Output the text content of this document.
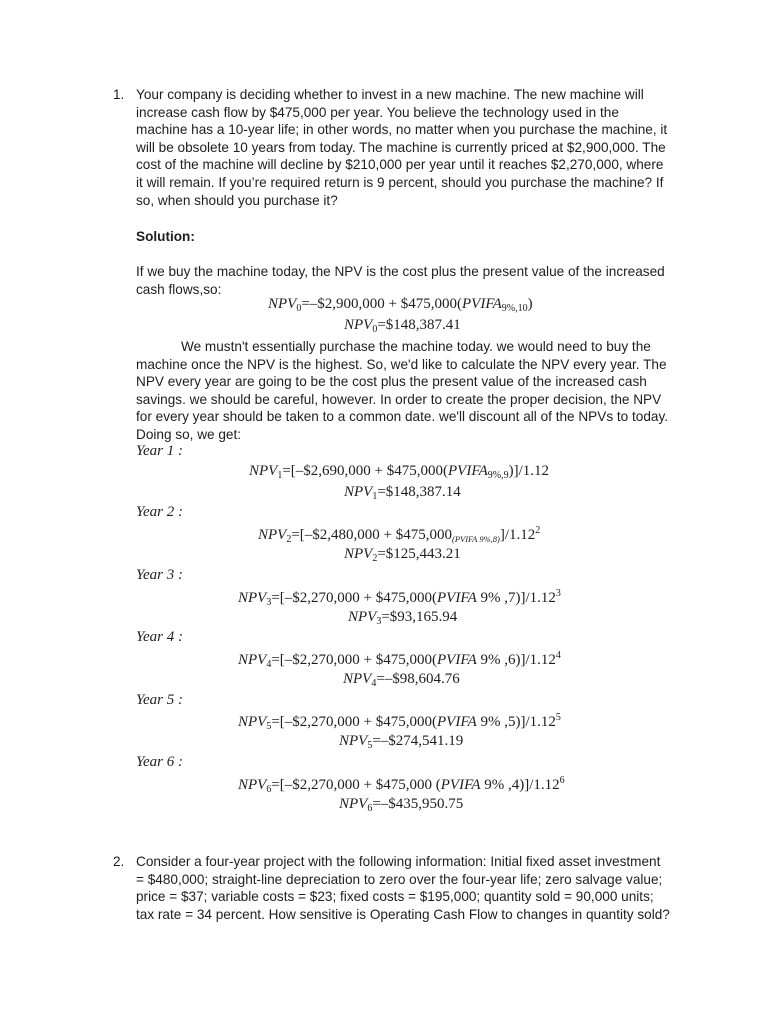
1. Your company is deciding whether to invest in a new machine. The new machine will
increase cash flow by $475,000 per year. You believe the technology used in the
machine has a 10-year life; in other words, no matter when you purchase the machine, it
will be obsolete 10 years from today. The machine is currently priced at $2,900,000. The
cost of the machine will decline by $210,000 per year until it reaches $2,270,000, where
it will remain. If you’re required return is 9 percent, should you purchase the machine? If
so, when should you purchase it?
Solution:
If we buy the machine today, the NPV is the cost plus the present value of the increased
cash flows,so:
$NPV_0=-\$2,900,000$ + $\$475,000(PVIFA_{9\%,10})$
$NPV_0=\$148,387.41$
We mustn't essentially purchase the machine today. we would need to buy the
machine once the NPV is the highest. So, we'd like to calculate the NPV every year. The
NPV every year are going to be the cost plus the present value of the increased cash
savings. we should be careful, however. In order to create the proper decision, the NPV
for every year should be taken to a common date. we'll discount all of the NPVs to today.
Doing so, we get:
Year 1 :
$NPV_1=[-\$2,690,000$ + $\$475,000(PVIFA_{9\%,9})]/1.12$
$NPV_1=\$148,387.14$
Year 2 :
$NPV_2=[-\$2,480,000$ + $\$475,000_{(PVIFA 9\%,8)}]/1.12^2$
$NPV_2=\$125,443.21$
Year 3 :
$NPV_3=[-\$2,270,000$ + $475,000(PVIFA 9% ,7)]/1.12$^3$
$NPV_3=\$93,165.94$
Year 4 :
$NPV_4=[-\$2,270,000$ + $475,000(PVIFA 9% ,6)]/1.12$^4$
$NPV_4=-\$98,604.76$
Year 5 :
$NPV_5=[-\$2,270,000$ + $475,000(PVIFA 9% ,5)]/1.12$^5$
$NPV_5=-\$274,541.19$
Year 6 :
$NPV_6=[-\$2,270,000$ + $475,000 (PVIFA 9% ,4)]/1.12$^6$
$NPV_6=-\$435,950.75$
2. Consider a four-year project with the following information: Initial fixed asset investment
= $480,000; straight-line depreciation to zero over the four-year life; zero salvage value;
price = $37; variable costs = $23; fixed costs = $195,000; quantity sold = 90,000 units;
tax rate = 34 percent. How sensitive is Operating Cash Flow to changes in quantity sold?
